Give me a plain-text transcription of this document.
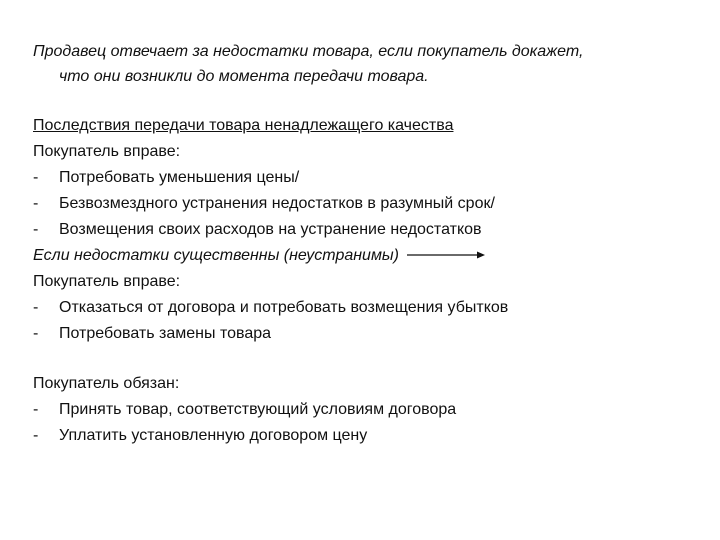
Продавец отвечает за недостатки товара, если покупатель докажет,
что они возникли до момента передачи товара.
Последствия передачи товара ненадлежащего качества
Покупатель вправе:
- Потребовать уменьшения цены/
- Безвозмездного устранения недостатков в разумный срок/
- Возмещения своих расходов на устранение недостатков
Если недостатки существенны (неустранимы)
Покупатель вправе:
- Отказаться от договора и потребовать возмещения убытков
- Потребовать замены товара
Покупатель обязан:
- Принять товар, соответствующий условиям договора
- Уплатить установленную договором цену
